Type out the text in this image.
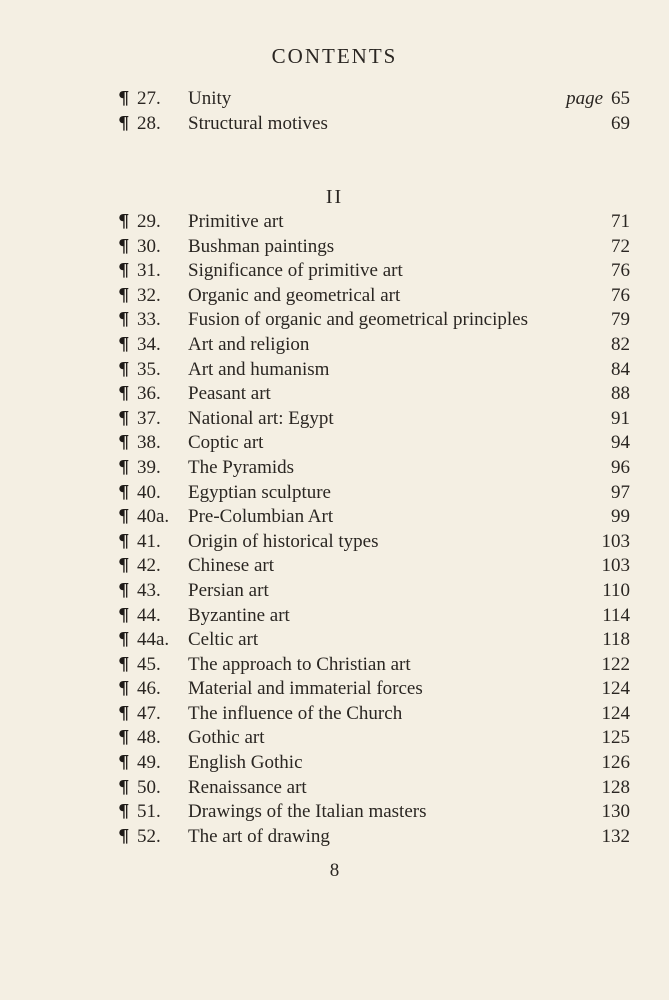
CONTENTS
¶ 27. Unity	page 65
¶ 28. Structural motives	69
II
¶ 29. Primitive art	71
¶ 30. Bushman paintings	72
¶ 31. Significance of primitive art	76
¶ 32. Organic and geometrical art	76
¶ 33. Fusion of organic and geometrical principles	79
¶ 34. Art and religion	82
¶ 35. Art and humanism	84
¶ 36. Peasant art	88
¶ 37. National art: Egypt	91
¶ 38. Coptic art	94
¶ 39. The Pyramids	96
¶ 40. Egyptian sculpture	97
¶ 40a. Pre-Columbian Art	99
¶ 41. Origin of historical types	103
¶ 42. Chinese art	103
¶ 43. Persian art	110
¶ 44. Byzantine art	114
¶ 44a. Celtic art	118
¶ 45. The approach to Christian art	122
¶ 46. Material and immaterial forces	124
¶ 47. The influence of the Church	124
¶ 48. Gothic art	125
¶ 49. English Gothic	126
¶ 50. Renaissance art	128
¶ 51. Drawings of the Italian masters	130
¶ 52. The art of drawing	132
8
